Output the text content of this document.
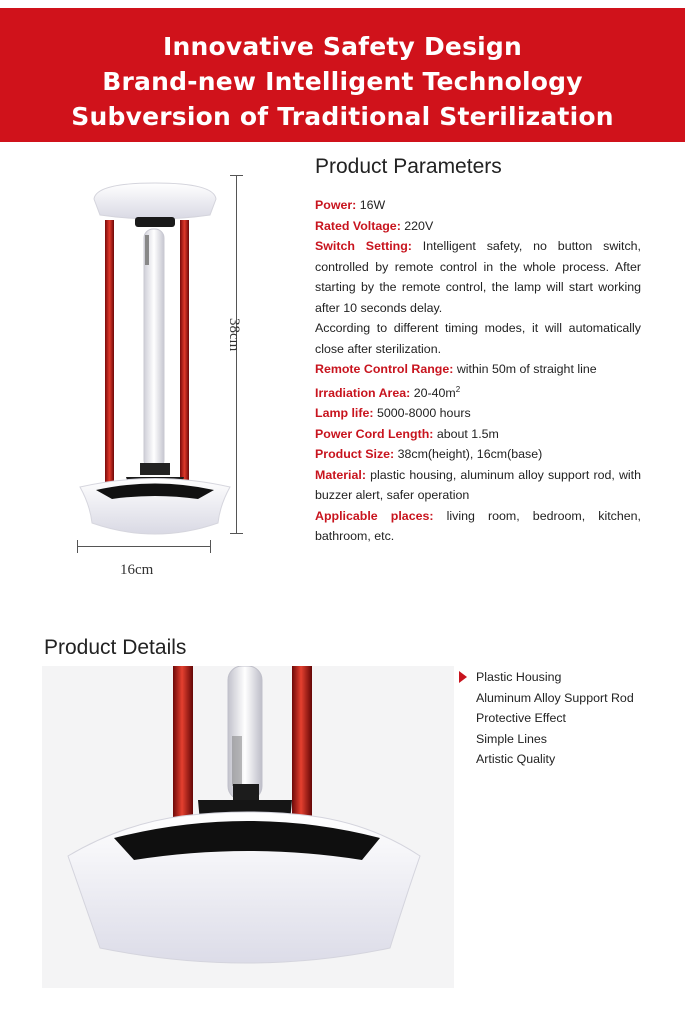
Innovative Safety Design
Brand-new Intelligent Technology
Subversion of Traditional Sterilization
38cm
16cm
Product Parameters

Power: 16W

Rated Voltage: 220V

Switch Setting: Intelligent safety, no button switch, controlled by remote control in the whole process. After starting by the remote control, the lamp will start working after 10 seconds delay.

According to different timing modes, it will automatically close after sterilization.

Remote Control Range: within 50m of straight line

Irradiation Area: $20-40m^2$

Lamp life: 5000-8000 hours

Power Cord Length: about 1.5m

Product Size: 38cm(height), 16cm(base)

Material: plastic housing, aluminum alloy support rod, with buzzer alert, safer operation

Applicable places: living room, bedroom, kitchen, bathroom, etc.

Product Details
Plastic Housing
Aluminum Alloy Support Rod
Protective Effect
Simple Lines
Artistic Quality
